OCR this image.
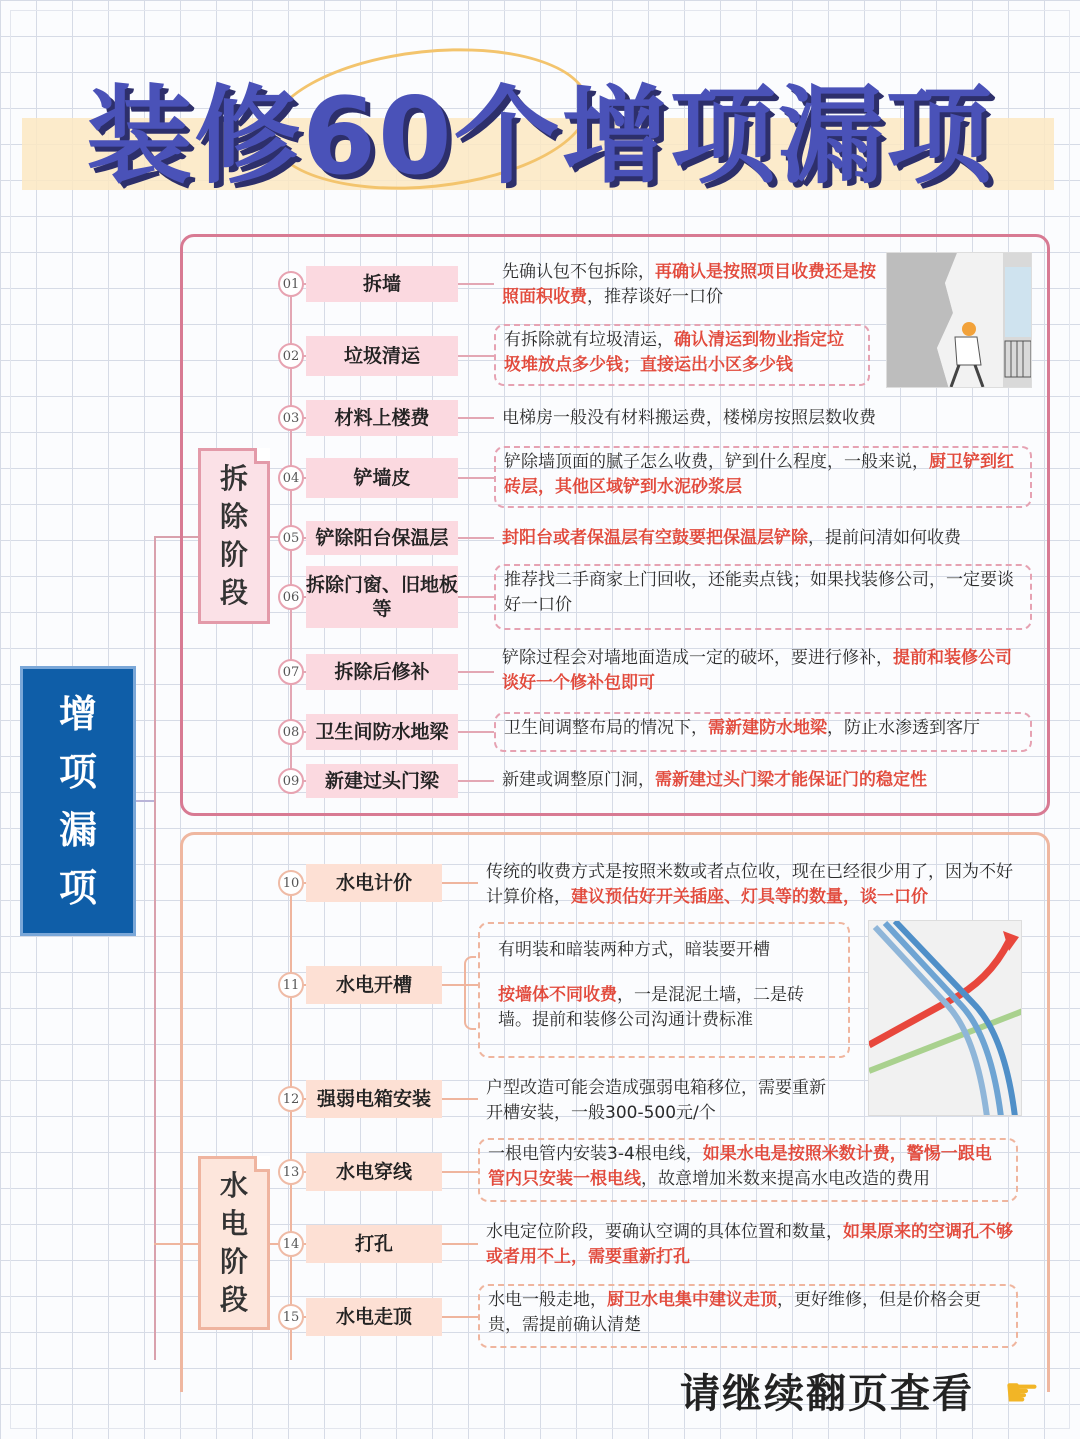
装修60个增项漏项
增
项
漏
项
拆
除
阶
段
水
电
阶
段
01	拆墙
先确认包不包拆除，再确认是按照项目收费还是按照面积收费，推荐谈好一口价
02	垃圾清运
有拆除就有垃圾清运，确认清运到物业指定垃圾堆放点多少钱；直接运出小区多少钱
03	材料上楼费	电梯房一般没有材料搬运费，楼梯房按照层数收费
04	铲墙皮
铲除墙顶面的腻子怎么收费，铲到什么程度，一般来说，厨卫铲到红砖层，其他区域铲到水泥砂浆层
05 铲除阳台保温层	封阳台或者保温层有空鼓要把保温层铲除，提前问清如何收费
06
拆除门窗、旧地板等
推荐找二手商家上门回收，还能卖点钱；如果找装修公司，一定要谈好一口价
07	拆除后修补
铲除过程会对墙地面造成一定的破坏，要进行修补，提前和装修公司谈好一个修补包即可
08 卫生间防水地梁	卫生间调整布局的情况下，需新建防水地梁，防止水渗透到客厅
09	新建过头门梁	新建或调整原门洞，需新建过头门梁才能保证门的稳定性
10	水电计价	传统的收费方式是按照米数或者点位收，现在已经很少用了，因为不好计算价格，建议预估好开关插座、灯具等的数量，谈一口价
11	水电开槽
有明装和暗装两种方式，暗装要开槽
按墙体不同收费，一是混泥土墙，二是砖墙。提前和装修公司沟通计费标准
12 强弱电箱安装	户型改造可能会造成强弱电箱移位，需要重新开槽安装，一般300-500元/个
13	水电穿线
一根电管内安装3-4根电线，如果水电是按照米数计费，警惕一跟电管内只安装一根电线，故意增加米数来提高水电改造的费用
14	打孔
水电定位阶段，要确认空调的具体位置和数量，如果原来的空调孔不够或者用不上，需要重新打孔
15	水电走顶
水电一般走地，厨卫水电集中建议走顶，更好维修，但是价格会更贵，需提前确认清楚
请继续翻页查看 ☛
